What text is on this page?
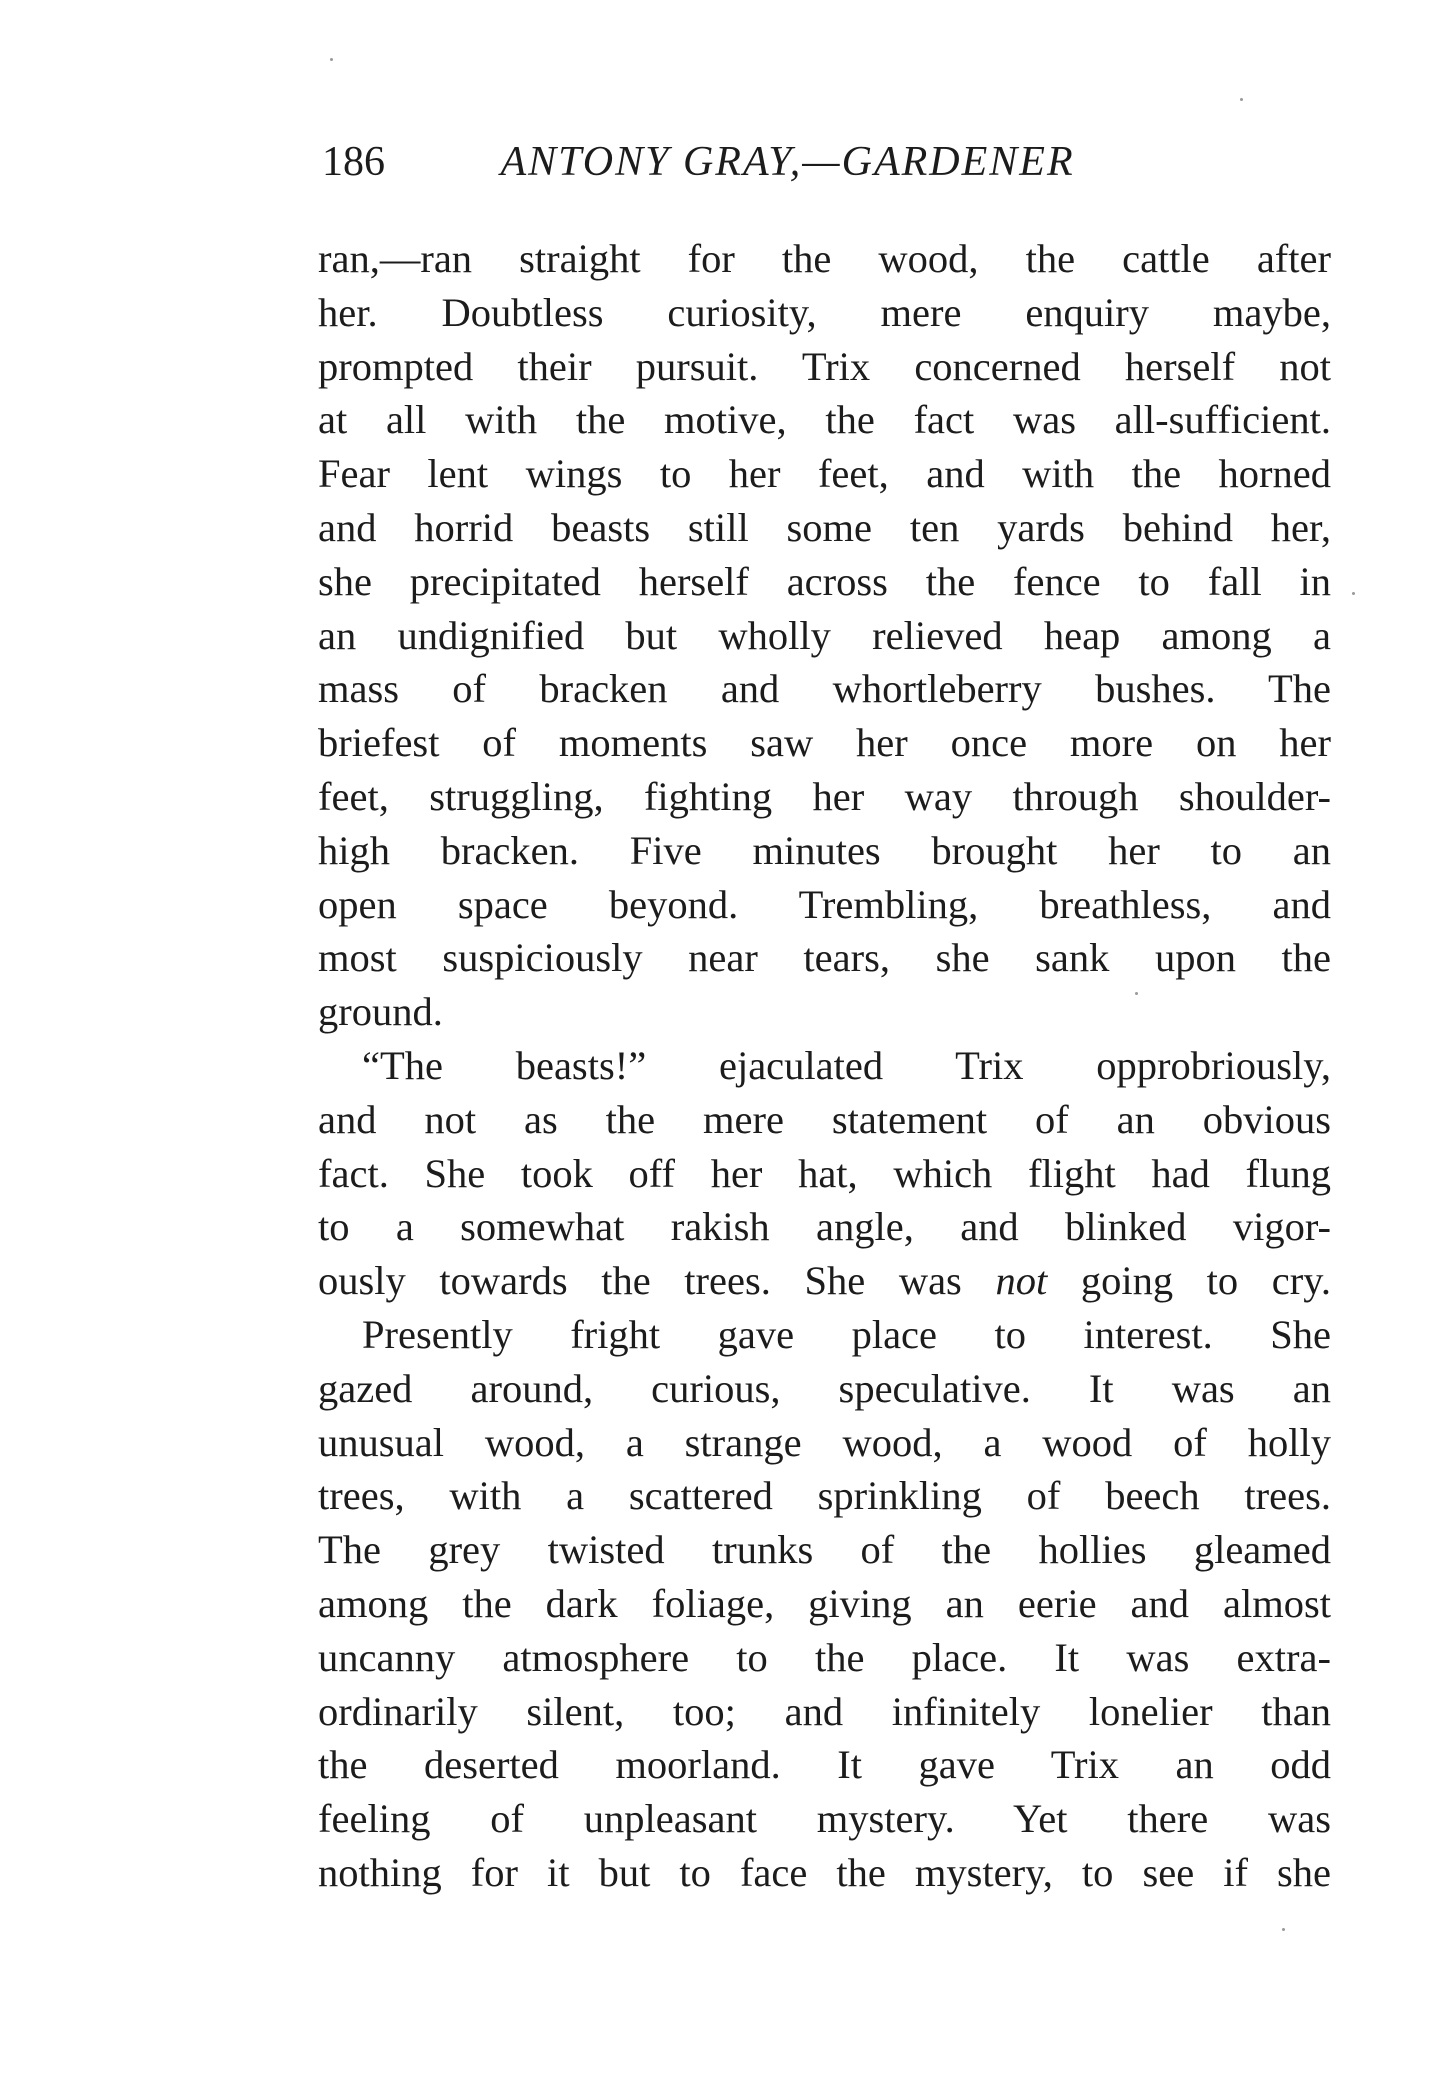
186	ANTONY GRAY,—GARDENER
ran,—ran straight for the wood, the cattle after
her. Doubtless curiosity, mere enquiry maybe,
prompted their pursuit. Trix concerned herself not
at all with the motive, the fact was all-sufficient.
Fear lent wings to her feet, and with the horned
and horrid beasts still some ten yards behind her,
she precipitated herself across the fence to fall in
an undignified but wholly relieved heap among a
mass of bracken and whortleberry bushes. The
briefest of moments saw her once more on her
feet, struggling, fighting her way through shoulder-
high bracken. Five minutes brought her to an
open space beyond. Trembling, breathless, and
most suspiciously near tears, she sank upon the
ground.
“The beasts!” ejaculated Trix opprobriously,
and not as the mere statement of an obvious
fact. She took off her hat, which flight had flung
to a somewhat rakish angle, and blinked vigor-
ously towards the trees. She was not going to cry.
Presently fright gave place to interest. She
gazed around, curious, speculative. It was an
unusual wood, a strange wood, a wood of holly
trees, with a scattered sprinkling of beech trees.
The grey twisted trunks of the hollies gleamed
among the dark foliage, giving an eerie and almost
uncanny atmosphere to the place. It was extra-
ordinarily silent, too; and infinitely lonelier than
the deserted moorland. It gave Trix an odd
feeling of unpleasant mystery. Yet there was
nothing for it but to face the mystery, to see if she
